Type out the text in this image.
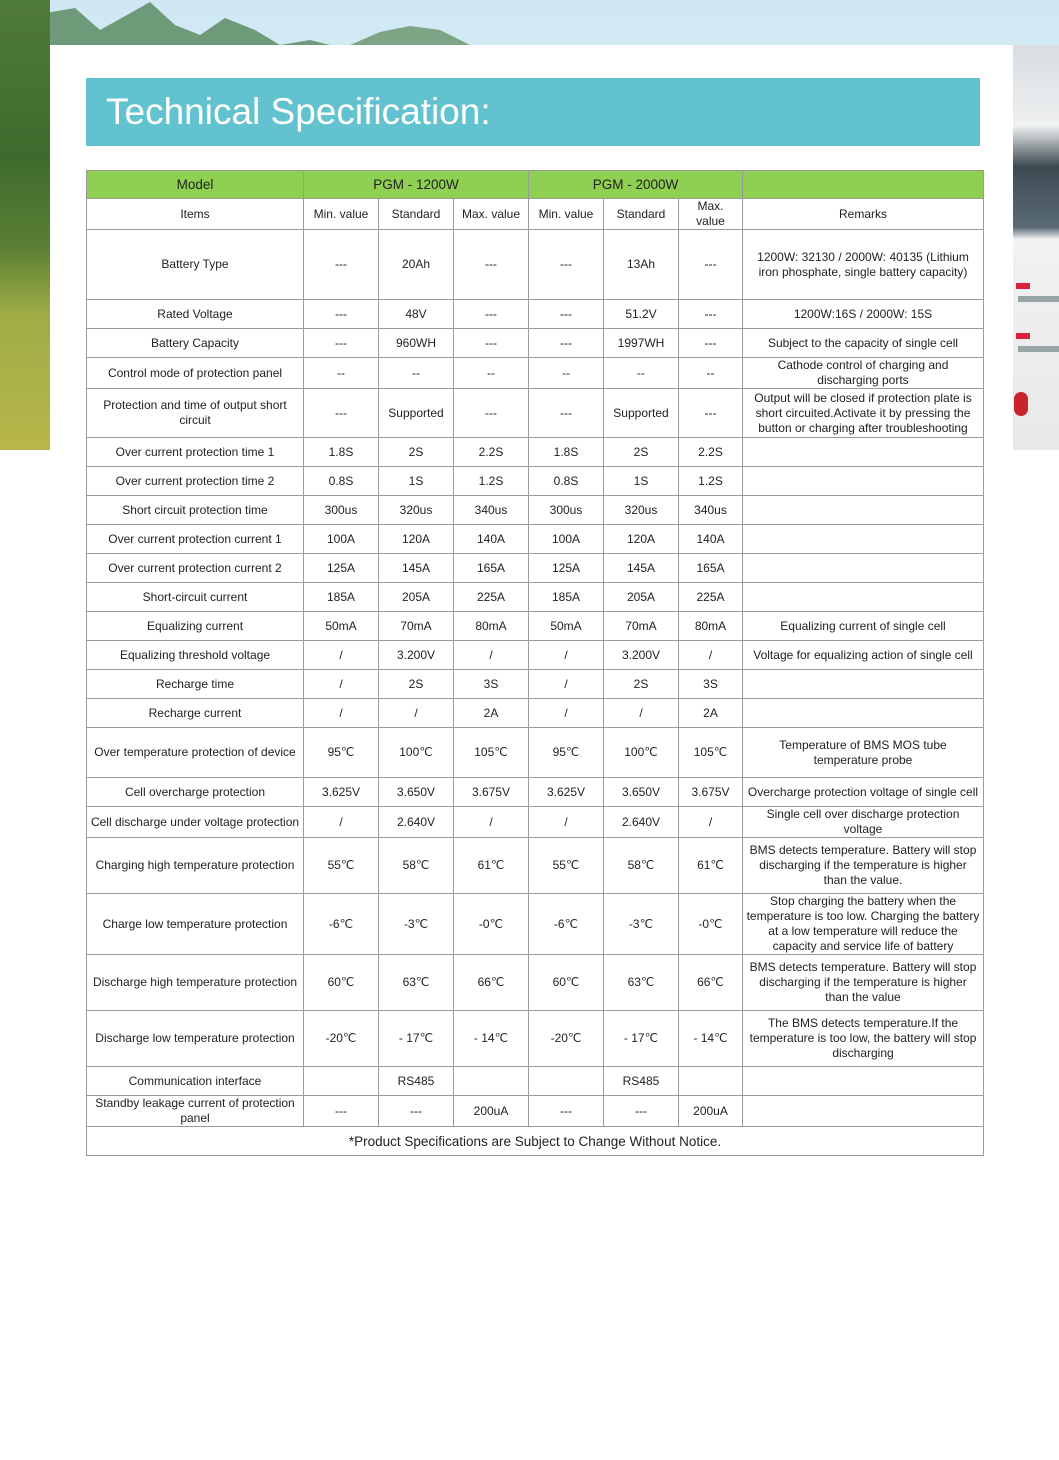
Technical Specification:
Model	PGM - 1200W			PGM - 2000W			
Items	Min. value	Standard	Max. value	Min. value	Standard	Max. value	Remarks
Battery Type	---	20Ah	---	---	13Ah	---	1200W: 32130 / 2000W: 40135 (Lithium iron phosphate, single battery capacity)
Rated Voltage	---	48V	---	---	51.2V	---	1200W:16S / 2000W: 15S
Battery Capacity	---	960WH	---	---	1997WH	---	Subject to the capacity of single cell
Control mode of protection panel	--	--	--	--	--	--	Cathode control of charging and discharging ports
Protection and time of output short circuit	---	Supported	---	---	Supported	---	Output will be closed if protection plate is short circuited.Activate it by pressing the button or charging after troubleshooting
Over current protection time 1	1.8S	2S	2.2S	1.8S	2S	2.2S	
Over current protection time 2	0.8S	1S	1.2S	0.8S	1S	1.2S	
Short circuit protection time	300us	320us	340us	300us	320us	340us	
Over current protection current 1	100A	120A	140A	100A	120A	140A	
Over current protection current 2	125A	145A	165A	125A	145A	165A	
Short-circuit current	185A	205A	225A	185A	205A	225A	
Equalizing current	50mA	70mA	80mA	50mA	70mA	80mA	Equalizing current of single cell
Equalizing threshold voltage	/	3.200V	/	/	3.200V	/	Voltage for equalizing action of single cell
Recharge time	/	2S	3S	/	2S	3S	
Recharge current	/	/	2A	/	/	2A	
Over temperature protection of device	95℃	100℃	105℃	95℃	100℃	105℃	Temperature of BMS MOS tube temperature probe
Cell overcharge protection	3.625V	3.650V	3.675V	3.625V	3.650V	3.675V	Overcharge protection voltage of single cell
Cell discharge under voltage protection	/	2.640V	/	/	2.640V	/	Single cell over discharge protection voltage
Charging high temperature protection	55℃	58℃	61℃	55℃	58℃	61℃	BMS detects temperature. Battery will stop discharging if the temperature is higher than the value.
Charge low temperature protection	-6℃	-3℃	-0℃	-6℃	-3℃	-0℃	Stop charging the battery when the temperature is too low. Charging the battery at a low temperature will reduce the capacity and service life of battery
Discharge high temperature protection	60℃	63℃	66℃	60℃	63℃	66℃	BMS detects temperature. Battery will stop discharging if the temperature is higher than the value
Discharge low temperature protection	-20℃	- 17℃	- 14℃	-20℃	- 17℃	- 14℃	The BMS detects temperature.If the temperature is too low, the battery will stop discharging
Communication interface		RS485			RS485		
Standby leakage current of protection panel	---	---	200uA	---	---	200uA	
*Product Specifications are Subject to Change Without Notice.							
